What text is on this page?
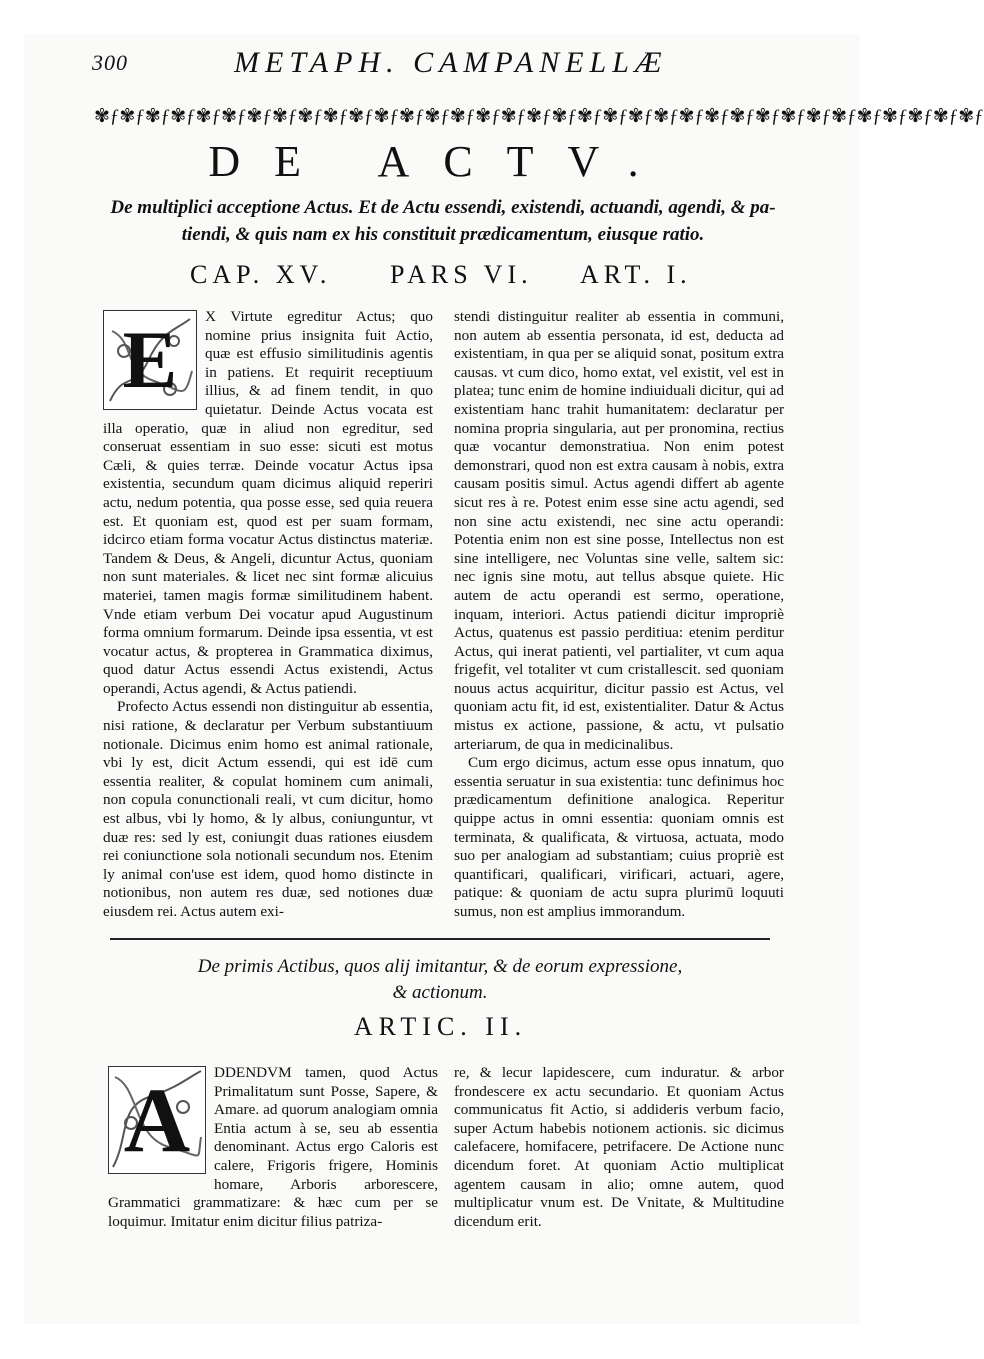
300	METAPH. CAMPANELLÆ
✾ƒ✾ƒ✾ƒ✾ƒ✾ƒ✾ƒ✾ƒ✾ƒ✾ƒ✾ƒ✾ƒ✾ƒ✾ƒ✾ƒ✾ƒ✾ƒ✾ƒ✾ƒ✾ƒ✾ƒ✾ƒ✾ƒ✾ƒ✾ƒ✾ƒ✾ƒ✾ƒ✾ƒ✾ƒ✾ƒ✾ƒ✾ƒ✾ƒ✾ƒ✾ƒ
DE ACTV.
De multiplici acceptione Actus. Et de Actu essendi, existendi, actuandi, agendi, & pa-
tiendi, & quis nam ex his constituit prædicamentum, eiusque ratio.
CAP. XV. PARS VI. ART. I.
E	X Virtute egreditur Actus; quo nomine prius insignita fuit Actio, quæ est effusio similitudinis agentis in patiens. Et requirit receptiuum illius, & ad finem tendit, in quo quietatur. Deinde Actus vocata est illa operatio, quæ in aliud non egreditur, sed conseruat essentiam in suo esse: sicuti est motus Cæli, & quies terræ. Deinde vocatur Actus ipsa existentia, secundum quam dicimus aliquid reperiri actu, nedum potentia, qua posse esse, sed quia reuera est. Et quoniam est, quod est per suam formam, idcirco etiam forma vocatur Actus distinctus materiæ. Tandem & Deus, & Angeli, dicuntur Actus, quoniam non sunt materiales. & licet nec sint formæ alicuius materiei, tamen magis formæ similitudinem habent. Vnde etiam verbum Dei vocatur apud Augustinum forma omnium formarum. Deinde ipsa essentia, vt est vocatur actus, & propterea in Grammatica diximus, quod datur Actus essendi Actus existendi, Actus operandi, Actus agendi, & Actus patiendi.

Profecto Actus essendi non distinguitur ab essentia, nisi ratione, & declaratur per Verbum substantiuum notionale. Dicimus enim homo est animal rationale, vbi ly est, dicit Actum essendi, qui est idē cum essentia realiter, & copulat hominem cum animali, non copula conunctionali reali, vt cum dicitur, homo est albus, vbi ly homo, & ly albus, coniunguntur, vt duæ res: sed ly est, coniungit duas rationes eiusdem rei coniunctione sola notionali secundum nos. Etenim ly animal con'use est idem, quod homo distincte in notionibus, non autem res duæ, sed notiones duæ eiusdem rei. Actus autem exi-

stendi distinguitur realiter ab essentia in communi, non autem ab essentia personata, id est, deducta ad existentiam, in qua per se aliquid sonat, positum extra causas. vt cum dico, homo extat, vel existit, vel est in platea; tunc enim de homine indiuiduali dicitur, qui ad existentiam hanc trahit humanitatem: declaratur per nomina propria singularia, aut per pronomina, rectius quæ vocantur demonstratiua. Non enim potest demonstrari, quod non est extra causam à nobis, extra causam positis simul. Actus agendi differt ab agente sicut res à re. Potest enim esse sine actu agendi, sed non sine actu existendi, nec sine actu operandi: Potentia enim non est sine posse, Intellectus non est sine intelligere, nec Voluntas sine velle, saltem sic: nec ignis sine motu, aut tellus absque quiete. Hic autem de actu operandi est sermo, operatione, inquam, interiori. Actus patiendi dicitur impropriè Actus, quatenus est passio perditiua: etenim perditur Actus, qui inerat patienti, vel partialiter, vt cum aqua frigefit, vel totaliter vt cum cristallescit. sed quoniam nouus actus acquiritur, dicitur passio est Actus, vel quoniam actu fit, id est, existentialiter. Datur & Actus mistus ex actione, passione, & actu, vt pulsatio arteriarum, de qua in medicinalibus.

Cum ergo dicimus, actum esse opus innatum, quo essentia seruatur in sua existentia: tunc definimus hoc prædicamentum definitione analogica. Reperitur quippe actus in omni essentia: quoniam omnis est terminata, & qualificata, & virtuosa, actuata, modo suo per analogiam ad substantiam; cuius propriè est quantificari, qualificari, virificari, actuari, agere, patique: & quoniam de actu supra plurimū loquuti sumus, non est amplius immorandum.

De primis Actibus, quos alij imitantur, & de eorum expressione,
& actionum.
ARTIC. II.
A	DDENDVM tamen, quod Actus Primalitatum sunt Posse, Sapere, & Amare. ad quorum analogiam omnia Entia actum à se, seu ab essentia denominant. Actus ergo Caloris est calere, Frigoris frigere, Hominis homare, Arboris arborescere, Grammatici grammatizare: & hæc cum per se loquimur. Imitatur enim dicitur filius patriza-

re, & lecur lapidescere, cum induratur. & arbor frondescere ex actu secundario. Et quoniam Actus communicatus fit Actio, si addideris verbum facio, super Actum habebis notionem actionis. sic dicimus calefacere, homifacere, petrifacere. De Actione nunc dicendum foret. At quoniam Actio multiplicat agentem causam in alio; omne autem, quod multiplicatur vnum est. De Vnitate, & Multitudine dicendum erit.
